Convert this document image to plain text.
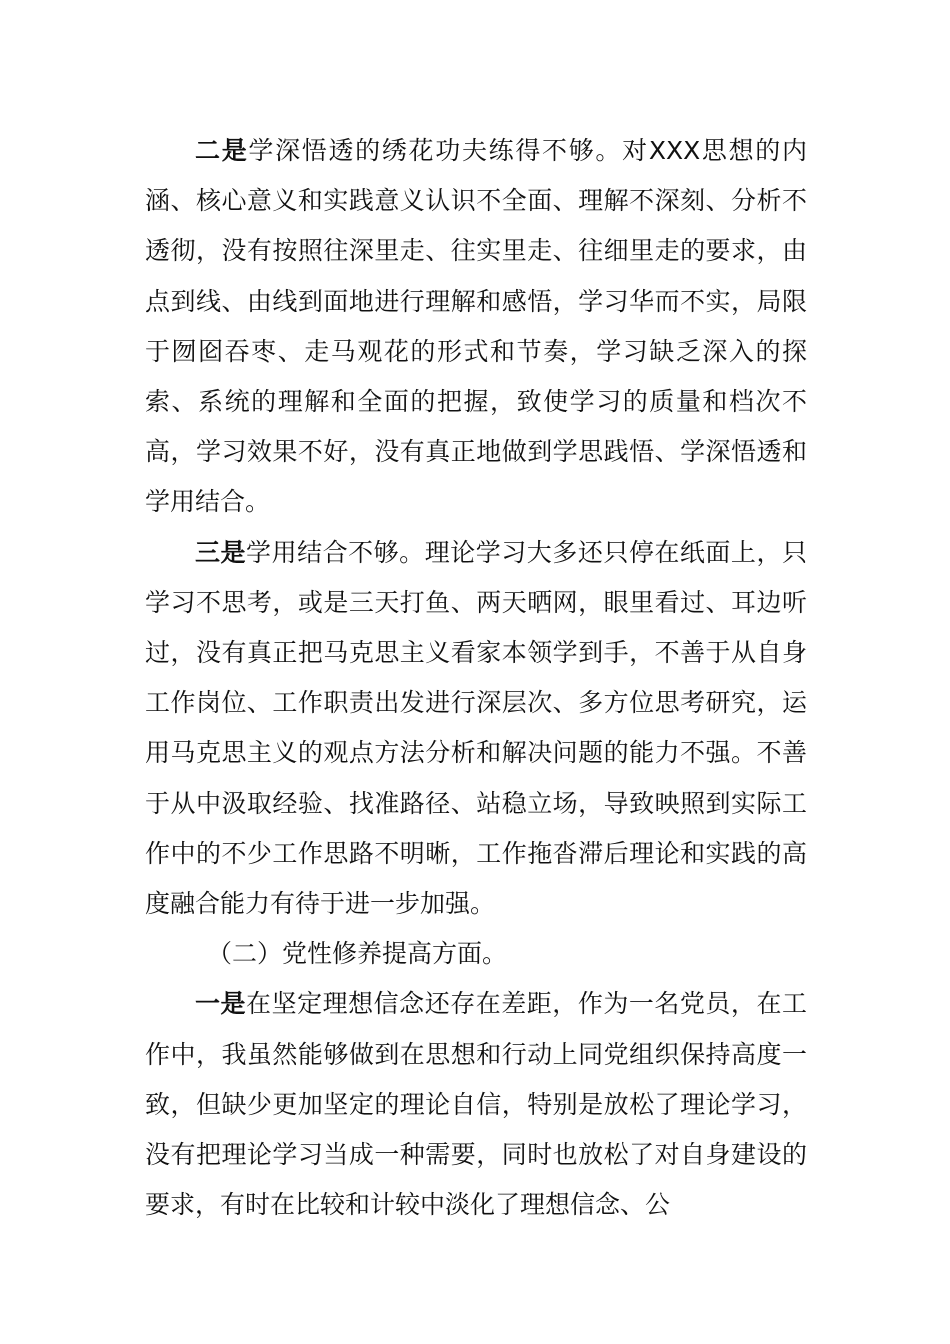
二是学深悟透的绣花功夫练得不够。对XXX思想的内涵、核心意义和实践意义认识不全面、理解不深刻、分析不透彻，没有按照往深里走、往实里走、往细里走的要求，由点到线、由线到面地进行理解和感悟，学习华而不实，局限于囫囵吞枣、走马观花的形式和节奏，学习缺乏深入的探索、系统的理解和全面的把握，致使学习的质量和档次不高，学习效果不好，没有真正地做到学思践悟、学深悟透和学用结合。

三是学用结合不够。理论学习大多还只停在纸面上，只学习不思考，或是三天打鱼、两天晒网，眼里看过、耳边听过，没有真正把马克思主义看家本领学到手，不善于从自身工作岗位、工作职责出发进行深层次、多方位思考研究，运用马克思主义的观点方法分析和解决问题的能力不强。不善于从中汲取经验、找准路径、站稳立场，导致映照到实际工作中的不少工作思路不明晰，工作拖沓滞后理论和实践的高度融合能力有待于进一步加强。

（二）党性修养提高方面。

一是在坚定理想信念还存在差距，作为一名党员，在工作中，我虽然能够做到在思想和行动上同党组织保持高度一致，但缺少更加坚定的理论自信，特别是放松了理论学习，没有把理论学习当成一种需要，同时也放松了对自身建设的要求，有时在比较和计较中淡化了理想信念、公
